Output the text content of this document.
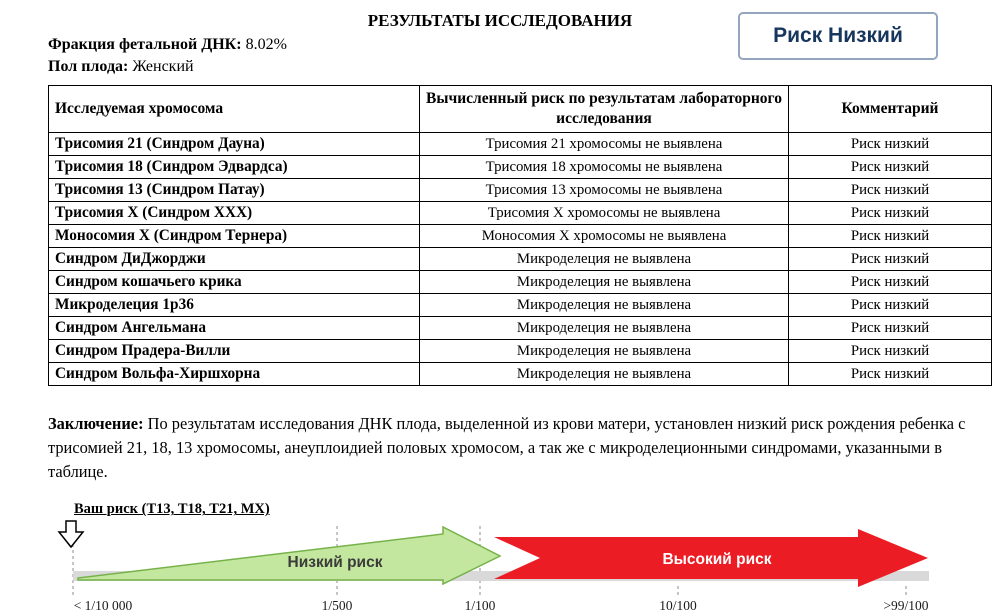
РЕЗУЛЬТАТЫ ИССЛЕДОВАНИЯ
Риск Низкий
Фракция фетальной ДНК: 8.02%
Пол плода: Женский
Исследуемая хромосома	Вычисленный риск по результатам лабораторного исследования	Комментарий
Трисомия 21 (Синдром Дауна)	Трисомия 21 хромосомы не выявлена	Риск низкий
Трисомия 18 (Синдром Эдвардса)	Трисомия 18 хромосомы не выявлена	Риск низкий
Трисомия 13 (Синдром Патау)	Трисомия 13 хромосомы не выявлена	Риск низкий
Трисомия Х (Синдром ХХХ)	Трисомия Х хромосомы не выявлена	Риск низкий
Моносомия Х (Синдром Тернера)	Моносомия Х хромосомы не выявлена	Риск низкий
Синдром ДиДжорджи	Микроделеция не выявлена	Риск низкий
Синдром кошачьего крика	Микроделеция не выявлена	Риск низкий
Микроделеция 1p36	Микроделеция не выявлена	Риск низкий
Синдром Ангельмана	Микроделеция не выявлена	Риск низкий
Синдром Прадера-Вилли	Микроделеция не выявлена	Риск низкий
Синдром Вольфа-Хиршхорна	Микроделеция не выявлена	Риск низкий

Заключение: По результатам исследования ДНК плода, выделенной из крови матери, установлен низкий риск рождения ребенка с трисомией 21, 18, 13 хромосомы, анеуплоидией половых хромосом, а так же с микроделеционными синдромами, указанными в таблице.

Ваш риск (Т13, Т18, Т21, МХ)
Низкий риск	Высокий риск
< 1/10 000	1/500	1/100	10/100	>99/100
